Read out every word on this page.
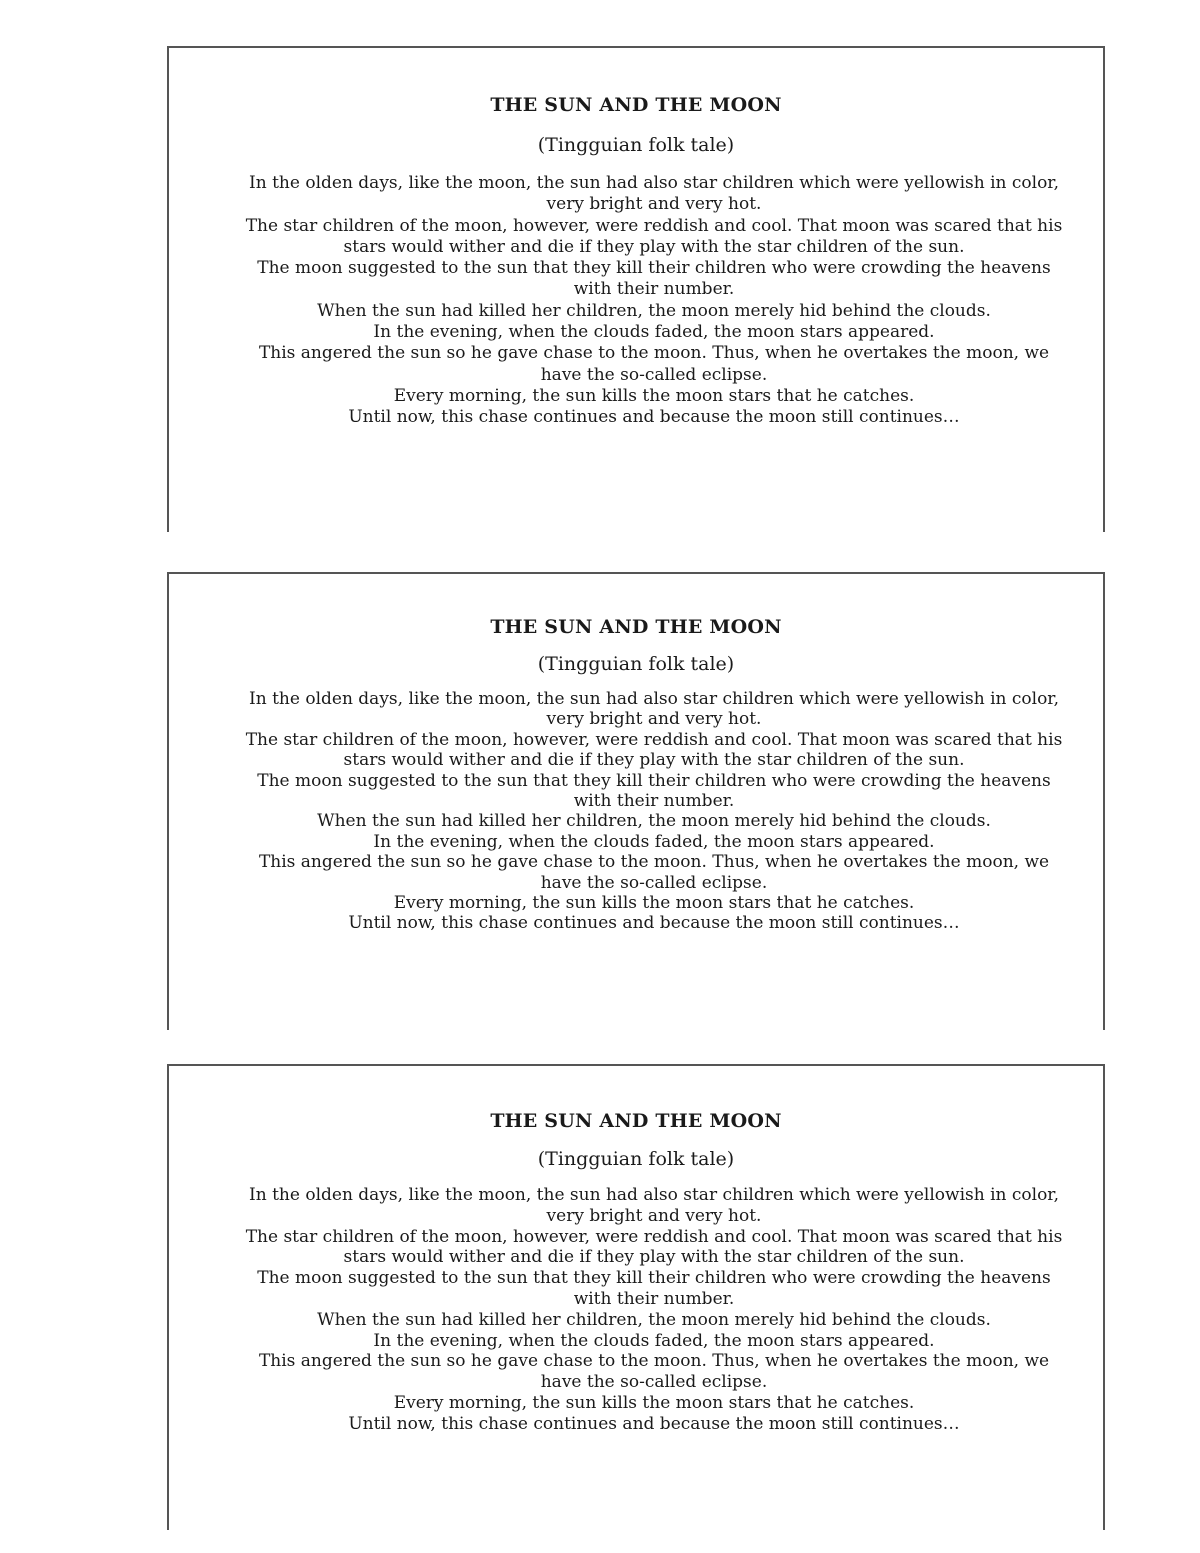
THE SUN AND THE MOON
(Tingguian folk tale)

In the olden days, like the moon, the sun had also star children which were yellowish in color, very bright and very hot.

The star children of the moon, however, were reddish and cool. That moon was scared that his stars would wither and die if they play with the star children of the sun.

The moon suggested to the sun that they kill their children who were crowding the heavens with their number.

When the sun had killed her children, the moon merely hid behind the clouds.

In the evening, when the clouds faded, the moon stars appeared.

This angered the sun so he gave chase to the moon. Thus, when he overtakes the moon, we have the so-called eclipse.

Every morning, the sun kills the moon stars that he catches.

Until now, this chase continues and because the moon still continues…

THE SUN AND THE MOON
(Tingguian folk tale)

In the olden days, like the moon, the sun had also star children which were yellowish in color, very bright and very hot.

The star children of the moon, however, were reddish and cool. That moon was scared that his stars would wither and die if they play with the star children of the sun.

The moon suggested to the sun that they kill their children who were crowding the heavens with their number.

When the sun had killed her children, the moon merely hid behind the clouds.

In the evening, when the clouds faded, the moon stars appeared.

This angered the sun so he gave chase to the moon. Thus, when he overtakes the moon, we have the so-called eclipse.

Every morning, the sun kills the moon stars that he catches.

Until now, this chase continues and because the moon still continues…

THE SUN AND THE MOON
(Tingguian folk tale)

In the olden days, like the moon, the sun had also star children which were yellowish in color, very bright and very hot.

The star children of the moon, however, were reddish and cool. That moon was scared that his stars would wither and die if they play with the star children of the sun.

The moon suggested to the sun that they kill their children who were crowding the heavens with their number.

When the sun had killed her children, the moon merely hid behind the clouds.

In the evening, when the clouds faded, the moon stars appeared.

This angered the sun so he gave chase to the moon. Thus, when he overtakes the moon, we have the so-called eclipse.

Every morning, the sun kills the moon stars that he catches.

Until now, this chase continues and because the moon still continues…
